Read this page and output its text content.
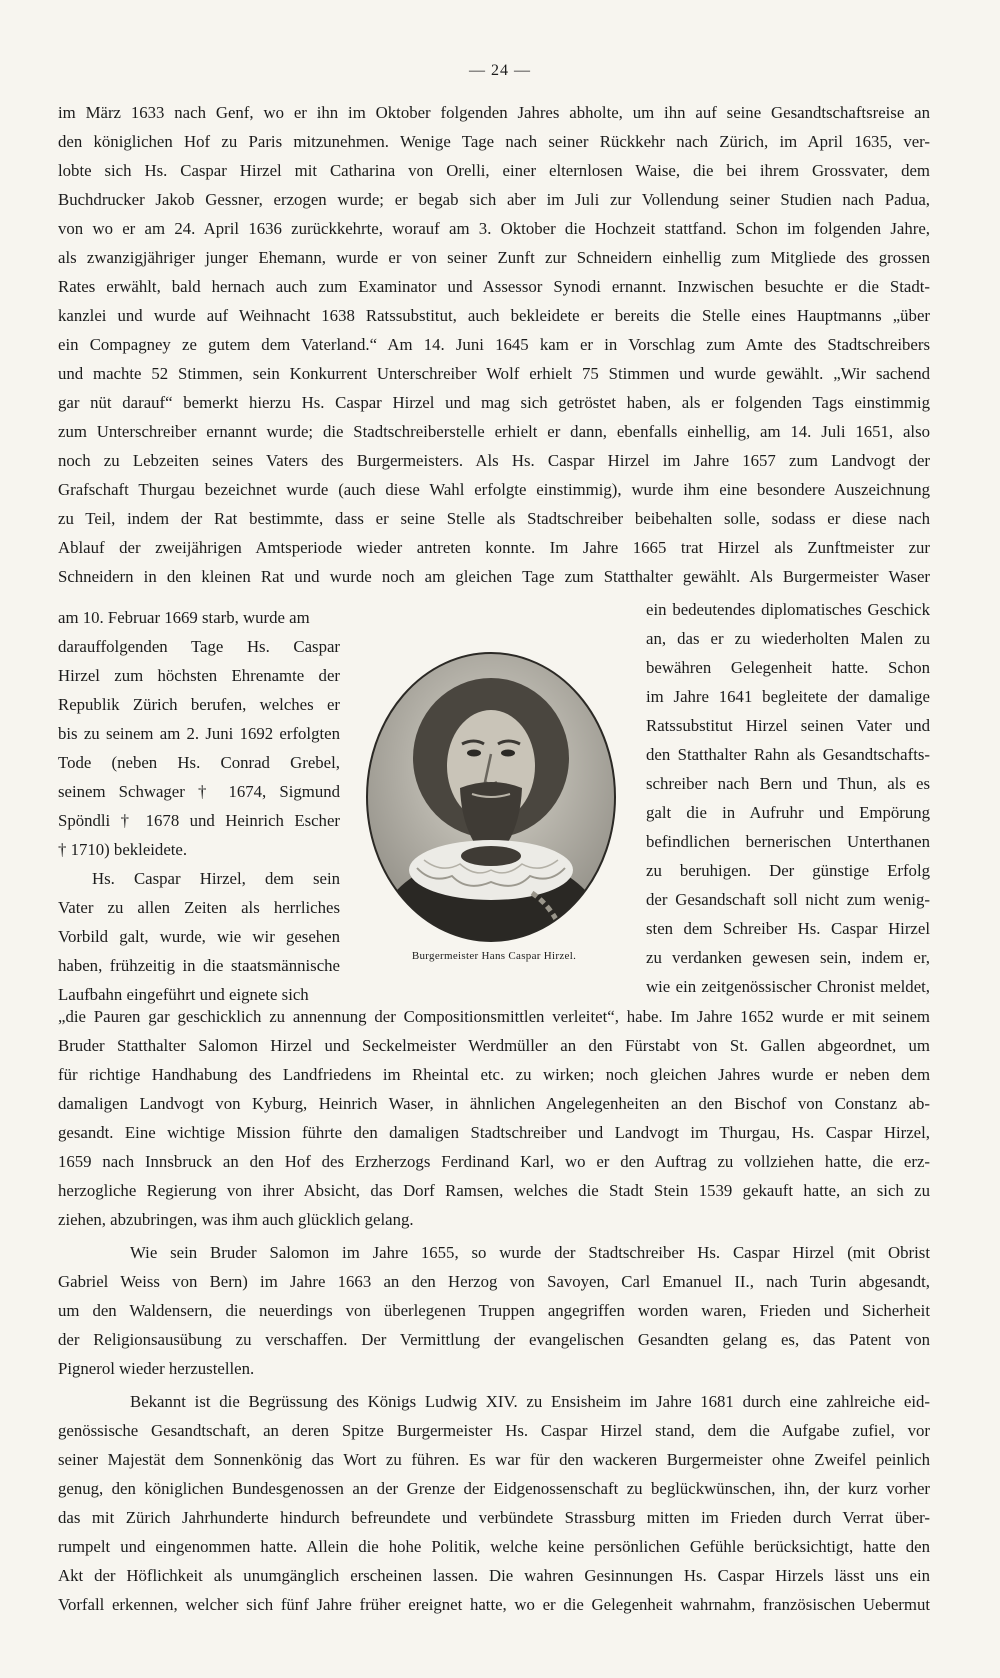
— 24 —
im März 1633 nach Genf, wo er ihn im Oktober folgenden Jahres abholte, um ihn auf seine Gesandtschaftsreise an
den königlichen Hof zu Paris mitzunehmen. Wenige Tage nach seiner Rückkehr nach Zürich, im April 1635, ver-
lobte sich Hs. Caspar Hirzel mit Catharina von Orelli, einer elternlosen Waise, die bei ihrem Grossvater, dem
Buchdrucker Jakob Gessner, erzogen wurde; er begab sich aber im Juli zur Vollendung seiner Studien nach Padua,
von wo er am 24. April 1636 zurückkehrte, worauf am 3. Oktober die Hochzeit stattfand. Schon im folgenden Jahre,
als zwanzigjähriger junger Ehemann, wurde er von seiner Zunft zur Schneidern einhellig zum Mitgliede des grossen
Rates erwählt, bald hernach auch zum Examinator und Assessor Synodi ernannt. Inzwischen besuchte er die Stadt-
kanzlei und wurde auf Weihnacht 1638 Ratssubstitut, auch bekleidete er bereits die Stelle eines Hauptmanns „über
ein Compagney ze gutem dem Vaterland.“ Am 14. Juni 1645 kam er in Vorschlag zum Amte des Stadtschreibers
und machte 52 Stimmen, sein Konkurrent Unterschreiber Wolf erhielt 75 Stimmen und wurde gewählt. „Wir sachend
gar nüt darauf“ bemerkt hierzu Hs. Caspar Hirzel und mag sich getröstet haben, als er folgenden Tags einstimmig
zum Unterschreiber ernannt wurde; die Stadtschreiberstelle erhielt er dann, ebenfalls einhellig, am 14. Juli 1651, also
noch zu Lebzeiten seines Vaters des Burgermeisters. Als Hs. Caspar Hirzel im Jahre 1657 zum Landvogt der
Grafschaft Thurgau bezeichnet wurde (auch diese Wahl erfolgte einstimmig), wurde ihm eine besondere Auszeichnung
zu Teil, indem der Rat bestimmte, dass er seine Stelle als Stadtschreiber beibehalten solle, sodass er diese nach
Ablauf der zweijährigen Amtsperiode wieder antreten konnte. Im Jahre 1665 trat Hirzel als Zunftmeister zur
Schneidern in den kleinen Rat und wurde noch am gleichen Tage zum Statthalter gewählt. Als Burgermeister Waser
am 10. Februar 1669 starb, wurde am
darauffolgenden Tage Hs. Caspar
Hirzel zum höchsten Ehrenamte der
Republik Zürich berufen, welches er
bis zu seinem am 2. Juni 1692 erfolgten
Tode (neben Hs. Conrad Grebel,
seinem Schwager † 1674, Sigmund
Spöndli † 1678 und Heinrich Escher
† 1710) bekleidete.
Hs. Caspar Hirzel, dem sein
Vater zu allen Zeiten als herrliches
Vorbild galt, wurde, wie wir gesehen
haben, frühzeitig in die staatsmännische
Laufbahn eingeführt und eignete sich
ein bedeutendes diplomatisches Geschick
an, das er zu wiederholten Malen zu
bewähren Gelegenheit hatte. Schon
im Jahre 1641 begleitete der damalige
Ratssubstitut Hirzel seinen Vater und
den Statthalter Rahn als Gesandtschafts-
schreiber nach Bern und Thun, als es
galt die in Aufruhr und Empörung
befindlichen bernerischen Unterthanen
zu beruhigen. Der günstige Erfolg
der Gesandschaft soll nicht zum wenig-
sten dem Schreiber Hs. Caspar Hirzel
zu verdanken gewesen sein, indem er,
wie ein zeitgenössischer Chronist meldet,
Burgermeister Hans Caspar Hirzel.
„die Pauren gar geschicklich zu annennung der Compositionsmittlen verleitet“, habe. Im Jahre 1652 wurde er mit seinem
Bruder Statthalter Salomon Hirzel und Seckelmeister Werdmüller an den Fürstabt von St. Gallen abgeordnet, um
für richtige Handhabung des Landfriedens im Rheintal etc. zu wirken; noch gleichen Jahres wurde er neben dem
damaligen Landvogt von Kyburg, Heinrich Waser, in ähnlichen Angelegenheiten an den Bischof von Constanz ab-
gesandt. Eine wichtige Mission führte den damaligen Stadtschreiber und Landvogt im Thurgau, Hs. Caspar Hirzel,
1659 nach Innsbruck an den Hof des Erzherzogs Ferdinand Karl, wo er den Auftrag zu vollziehen hatte, die erz-
herzogliche Regierung von ihrer Absicht, das Dorf Ramsen, welches die Stadt Stein 1539 gekauft hatte, an sich zu
ziehen, abzubringen, was ihm auch glücklich gelang.
Wie sein Bruder Salomon im Jahre 1655, so wurde der Stadtschreiber Hs. Caspar Hirzel (mit Obrist
Gabriel Weiss von Bern) im Jahre 1663 an den Herzog von Savoyen, Carl Emanuel II., nach Turin abgesandt,
um den Waldensern, die neuerdings von überlegenen Truppen angegriffen worden waren, Frieden und Sicherheit
der Religionsausübung zu verschaffen. Der Vermittlung der evangelischen Gesandten gelang es, das Patent von
Pignerol wieder herzustellen.
Bekannt ist die Begrüssung des Königs Ludwig XIV. zu Ensisheim im Jahre 1681 durch eine zahlreiche eid-
genössische Gesandtschaft, an deren Spitze Burgermeister Hs. Caspar Hirzel stand, dem die Aufgabe zufiel, vor
seiner Majestät dem Sonnenkönig das Wort zu führen. Es war für den wackeren Burgermeister ohne Zweifel peinlich
genug, den königlichen Bundesgenossen an der Grenze der Eidgenossenschaft zu beglückwünschen, ihn, der kurz vorher
das mit Zürich Jahrhunderte hindurch befreundete und verbündete Strassburg mitten im Frieden durch Verrat über-
rumpelt und eingenommen hatte. Allein die hohe Politik, welche keine persönlichen Gefühle berücksichtigt, hatte den
Akt der Höflichkeit als unumgänglich erscheinen lassen. Die wahren Gesinnungen Hs. Caspar Hirzels lässt uns ein
Vorfall erkennen, welcher sich fünf Jahre früher ereignet hatte, wo er die Gelegenheit wahrnahm, französischen Uebermut
